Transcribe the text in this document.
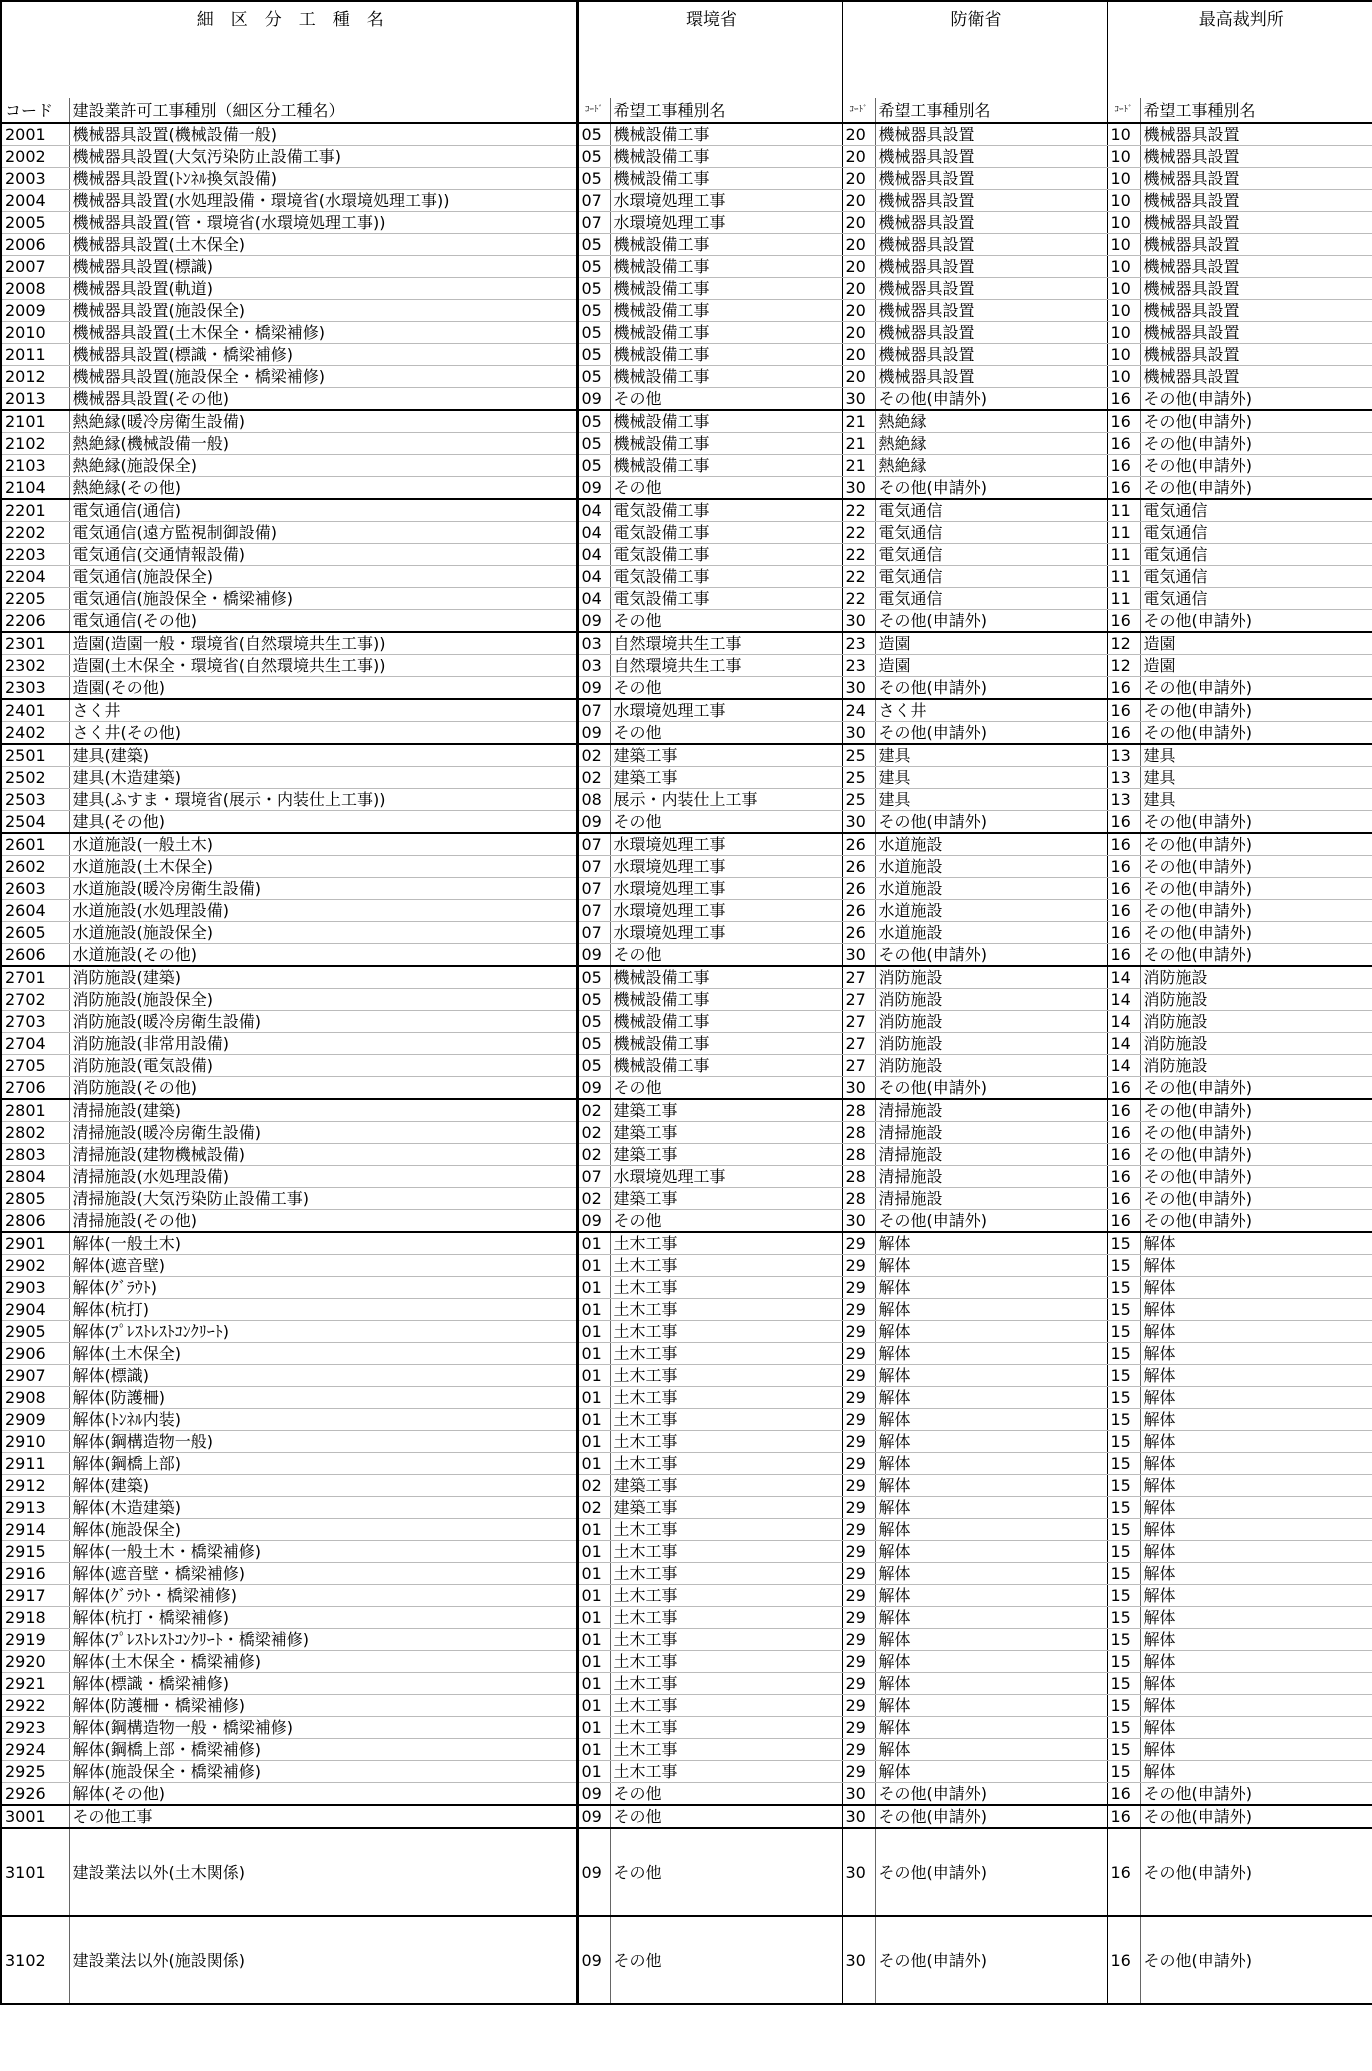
細　区　分　工　種　名		環境省		防衛省		最高裁判所	
コード	建設業許可工事種別（細区分工種名）	ｺｰﾄﾞ	希望工事種別名	ｺｰﾄﾞ	希望工事種別名	ｺｰﾄﾞ	希望工事種別名
2001	機械器具設置(機械設備一般)	05	機械設備工事	20	機械器具設置	10	機械器具設置
2002	機械器具設置(大気汚染防止設備工事)	05	機械設備工事	20	機械器具設置	10	機械器具設置
2003	機械器具設置(ﾄﾝﾈﾙ換気設備)	05	機械設備工事	20	機械器具設置	10	機械器具設置
2004	機械器具設置(水処理設備・環境省(水環境処理工事))	07	水環境処理工事	20	機械器具設置	10	機械器具設置
2005	機械器具設置(管・環境省(水環境処理工事))	07	水環境処理工事	20	機械器具設置	10	機械器具設置
2006	機械器具設置(土木保全)	05	機械設備工事	20	機械器具設置	10	機械器具設置
2007	機械器具設置(標識)	05	機械設備工事	20	機械器具設置	10	機械器具設置
2008	機械器具設置(軌道)	05	機械設備工事	20	機械器具設置	10	機械器具設置
2009	機械器具設置(施設保全)	05	機械設備工事	20	機械器具設置	10	機械器具設置
2010	機械器具設置(土木保全・橋梁補修)	05	機械設備工事	20	機械器具設置	10	機械器具設置
2011	機械器具設置(標識・橋梁補修)	05	機械設備工事	20	機械器具設置	10	機械器具設置
2012	機械器具設置(施設保全・橋梁補修)	05	機械設備工事	20	機械器具設置	10	機械器具設置
2013	機械器具設置(その他)	09	その他	30	その他(申請外)	16	その他(申請外)
2101	熱絶縁(暖冷房衛生設備)	05	機械設備工事	21	熱絶縁	16	その他(申請外)
2102	熱絶縁(機械設備一般)	05	機械設備工事	21	熱絶縁	16	その他(申請外)
2103	熱絶縁(施設保全)	05	機械設備工事	21	熱絶縁	16	その他(申請外)
2104	熱絶縁(その他)	09	その他	30	その他(申請外)	16	その他(申請外)
2201	電気通信(通信)	04	電気設備工事	22	電気通信	11	電気通信
2202	電気通信(遠方監視制御設備)	04	電気設備工事	22	電気通信	11	電気通信
2203	電気通信(交通情報設備)	04	電気設備工事	22	電気通信	11	電気通信
2204	電気通信(施設保全)	04	電気設備工事	22	電気通信	11	電気通信
2205	電気通信(施設保全・橋梁補修)	04	電気設備工事	22	電気通信	11	電気通信
2206	電気通信(その他)	09	その他	30	その他(申請外)	16	その他(申請外)
2301	造園(造園一般・環境省(自然環境共生工事))	03	自然環境共生工事	23	造園	12	造園
2302	造園(土木保全・環境省(自然環境共生工事))	03	自然環境共生工事	23	造園	12	造園
2303	造園(その他)	09	その他	30	その他(申請外)	16	その他(申請外)
2401	さく井	07	水環境処理工事	24	さく井	16	その他(申請外)
2402	さく井(その他)	09	その他	30	その他(申請外)	16	その他(申請外)
2501	建具(建築)	02	建築工事	25	建具	13	建具
2502	建具(木造建築)	02	建築工事	25	建具	13	建具
2503	建具(ふすま・環境省(展示・内装仕上工事))	08	展示・内装仕上工事	25	建具	13	建具
2504	建具(その他)	09	その他	30	その他(申請外)	16	その他(申請外)
2601	水道施設(一般土木)	07	水環境処理工事	26	水道施設	16	その他(申請外)
2602	水道施設(土木保全)	07	水環境処理工事	26	水道施設	16	その他(申請外)
2603	水道施設(暖冷房衛生設備)	07	水環境処理工事	26	水道施設	16	その他(申請外)
2604	水道施設(水処理設備)	07	水環境処理工事	26	水道施設	16	その他(申請外)
2605	水道施設(施設保全)	07	水環境処理工事	26	水道施設	16	その他(申請外)
2606	水道施設(その他)	09	その他	30	その他(申請外)	16	その他(申請外)
2701	消防施設(建築)	05	機械設備工事	27	消防施設	14	消防施設
2702	消防施設(施設保全)	05	機械設備工事	27	消防施設	14	消防施設
2703	消防施設(暖冷房衛生設備)	05	機械設備工事	27	消防施設	14	消防施設
2704	消防施設(非常用設備)	05	機械設備工事	27	消防施設	14	消防施設
2705	消防施設(電気設備)	05	機械設備工事	27	消防施設	14	消防施設
2706	消防施設(その他)	09	その他	30	その他(申請外)	16	その他(申請外)
2801	清掃施設(建築)	02	建築工事	28	清掃施設	16	その他(申請外)
2802	清掃施設(暖冷房衛生設備)	02	建築工事	28	清掃施設	16	その他(申請外)
2803	清掃施設(建物機械設備)	02	建築工事	28	清掃施設	16	その他(申請外)
2804	清掃施設(水処理設備)	07	水環境処理工事	28	清掃施設	16	その他(申請外)
2805	清掃施設(大気汚染防止設備工事)	02	建築工事	28	清掃施設	16	その他(申請外)
2806	清掃施設(その他)	09	その他	30	その他(申請外)	16	その他(申請外)
2901	解体(一般土木)	01	土木工事	29	解体	15	解体
2902	解体(遮音壁)	01	土木工事	29	解体	15	解体
2903	解体(ｸﾞﾗｳﾄ)	01	土木工事	29	解体	15	解体
2904	解体(杭打)	01	土木工事	29	解体	15	解体
2905	解体(ﾌﾟﾚｽﾄﾚｽﾄｺﾝｸﾘｰﾄ)	01	土木工事	29	解体	15	解体
2906	解体(土木保全)	01	土木工事	29	解体	15	解体
2907	解体(標識)	01	土木工事	29	解体	15	解体
2908	解体(防護柵)	01	土木工事	29	解体	15	解体
2909	解体(ﾄﾝﾈﾙ内装)	01	土木工事	29	解体	15	解体
2910	解体(鋼構造物一般)	01	土木工事	29	解体	15	解体
2911	解体(鋼橋上部)	01	土木工事	29	解体	15	解体
2912	解体(建築)	02	建築工事	29	解体	15	解体
2913	解体(木造建築)	02	建築工事	29	解体	15	解体
2914	解体(施設保全)	01	土木工事	29	解体	15	解体
2915	解体(一般土木・橋梁補修)	01	土木工事	29	解体	15	解体
2916	解体(遮音壁・橋梁補修)	01	土木工事	29	解体	15	解体
2917	解体(ｸﾞﾗｳﾄ・橋梁補修)	01	土木工事	29	解体	15	解体
2918	解体(杭打・橋梁補修)	01	土木工事	29	解体	15	解体
2919	解体(ﾌﾟﾚｽﾄﾚｽﾄｺﾝｸﾘｰﾄ・橋梁補修)	01	土木工事	29	解体	15	解体
2920	解体(土木保全・橋梁補修)	01	土木工事	29	解体	15	解体
2921	解体(標識・橋梁補修)	01	土木工事	29	解体	15	解体
2922	解体(防護柵・橋梁補修)	01	土木工事	29	解体	15	解体
2923	解体(鋼構造物一般・橋梁補修)	01	土木工事	29	解体	15	解体
2924	解体(鋼橋上部・橋梁補修)	01	土木工事	29	解体	15	解体
2925	解体(施設保全・橋梁補修)	01	土木工事	29	解体	15	解体
2926	解体(その他)	09	その他	30	その他(申請外)	16	その他(申請外)
3001	その他工事	09	その他	30	その他(申請外)	16	その他(申請外)
3101	建設業法以外(土木関係)	09	その他	30	その他(申請外)	16	その他(申請外)
3102	建設業法以外(施設関係)	09	その他	30	その他(申請外)	16	その他(申請外)
